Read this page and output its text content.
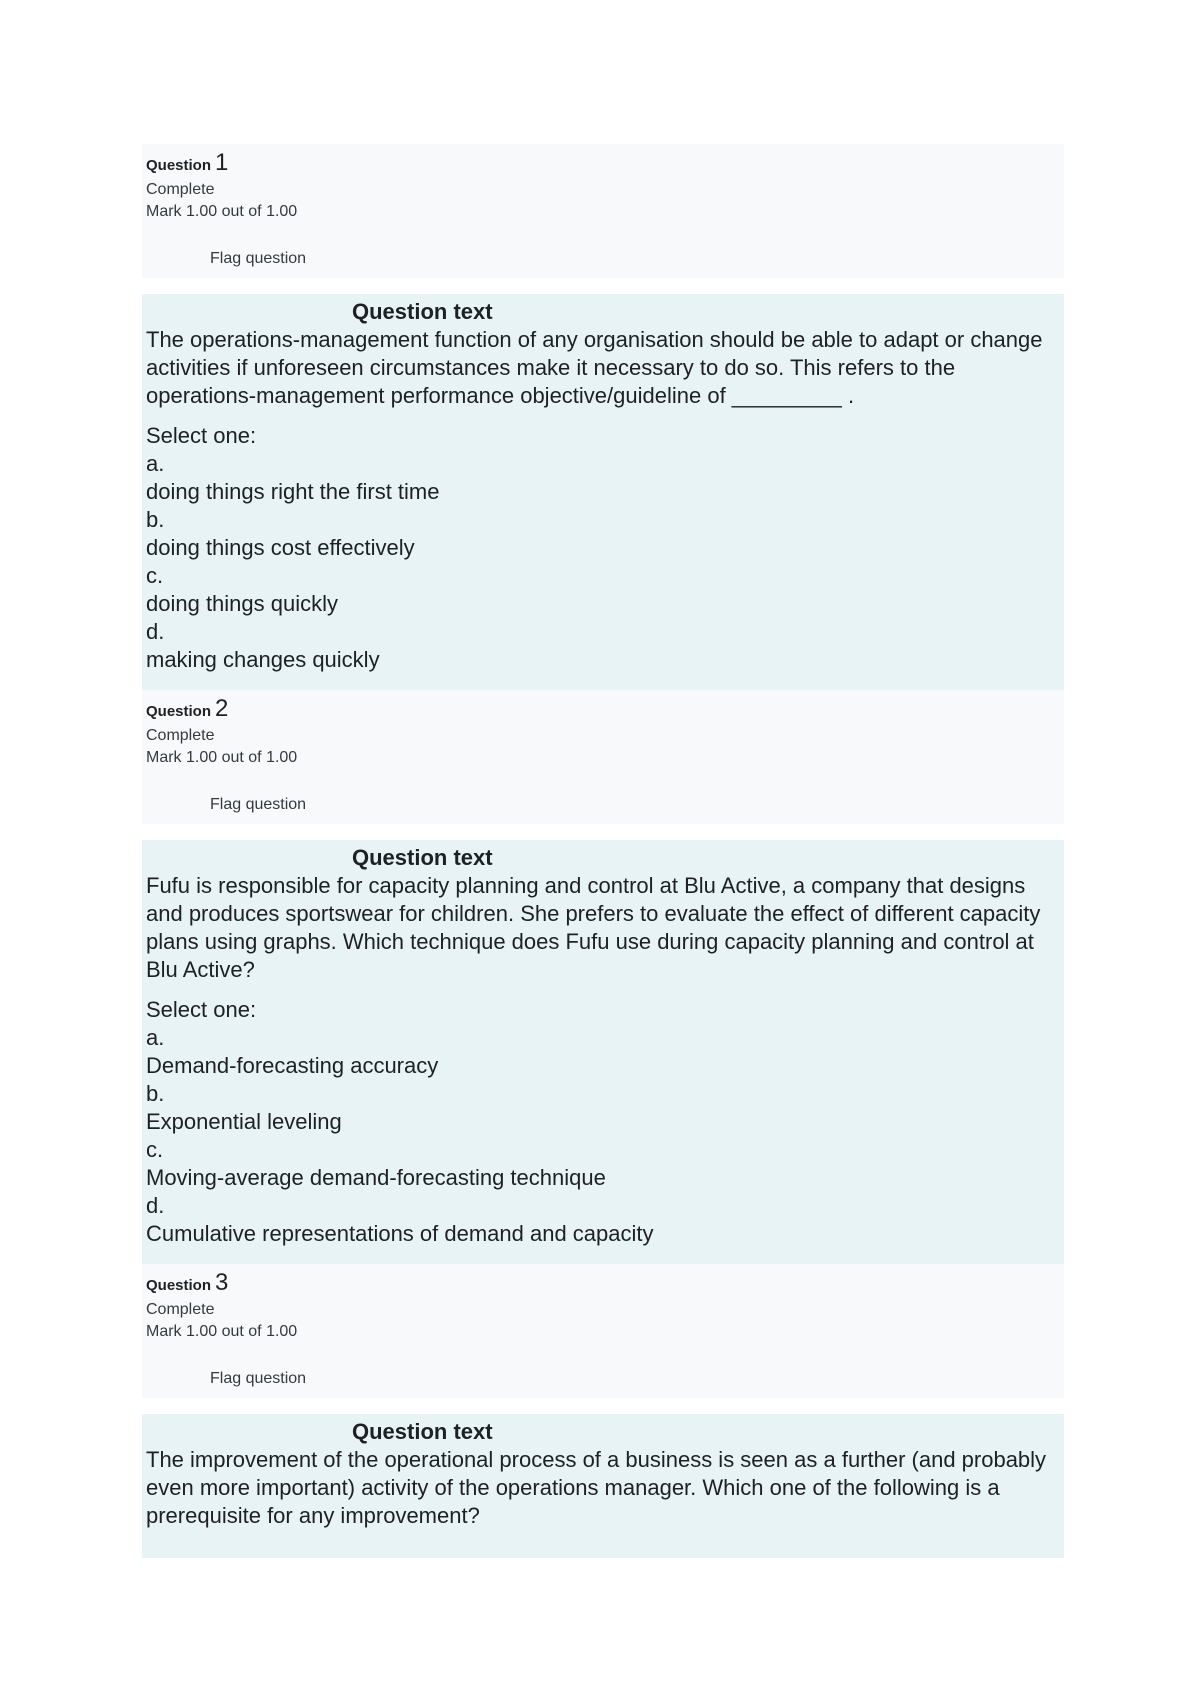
Question 1
Complete
Mark 1.00 out of 1.00
Flag question
Question text

The operations-management function of any organisation should be able to adapt or change activities if unforeseen circumstances make it necessary to do so. This refers to the operations-management performance objective/guideline of _________ .

Select one:
a.
doing things right the first time
b.
doing things cost effectively
c.
doing things quickly
d.
making changes quickly
Question 2
Complete
Mark 1.00 out of 1.00
Flag question
Question text

Fufu is responsible for capacity planning and control at Blu Active, a company that designs and produces sportswear for children. She prefers to evaluate the effect of different capacity plans using graphs. Which technique does Fufu use during capacity planning and control at Blu Active?

Select one:
a.
Demand-forecasting accuracy
b.
Exponential leveling
c.
Moving-average demand-forecasting technique
d.
Cumulative representations of demand and capacity
Question 3
Complete
Mark 1.00 out of 1.00
Flag question
Question text

The improvement of the operational process of a business is seen as a further (and probably even more important) activity of the operations manager. Which one of the following is a prerequisite for any improvement?
